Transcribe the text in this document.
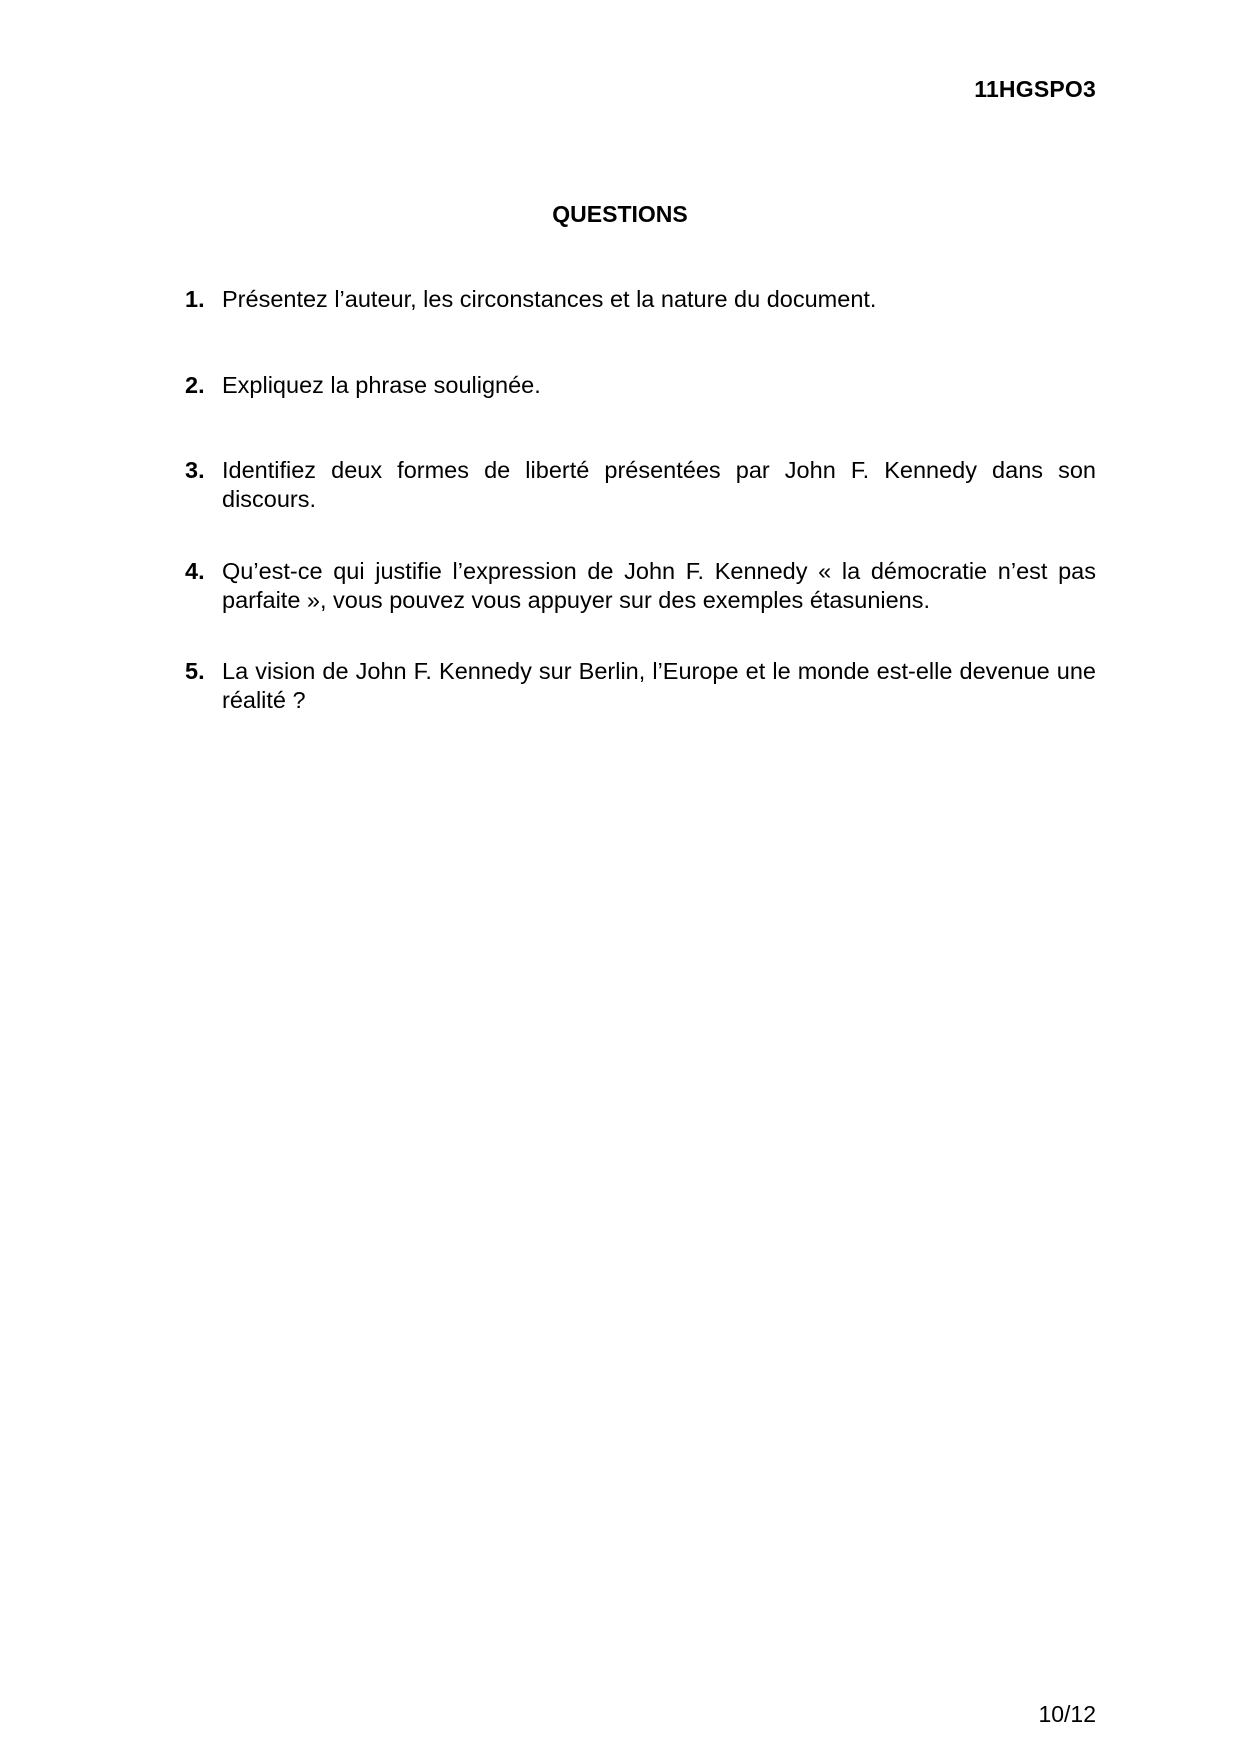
11HGSPO3
QUESTIONS
1. Présentez l’auteur, les circonstances et la nature du document.
2. Expliquez la phrase soulignée.
3. Identifiez deux formes de liberté présentées par John F. Kennedy dans son discours.
4. Qu’est-ce qui justifie l’expression de John F. Kennedy « la démocratie n’est pas parfaite », vous pouvez vous appuyer sur des exemples étasuniens.
5. La vision de John F. Kennedy sur Berlin, l’Europe et le monde est-elle devenue une réalité ?
10/12
